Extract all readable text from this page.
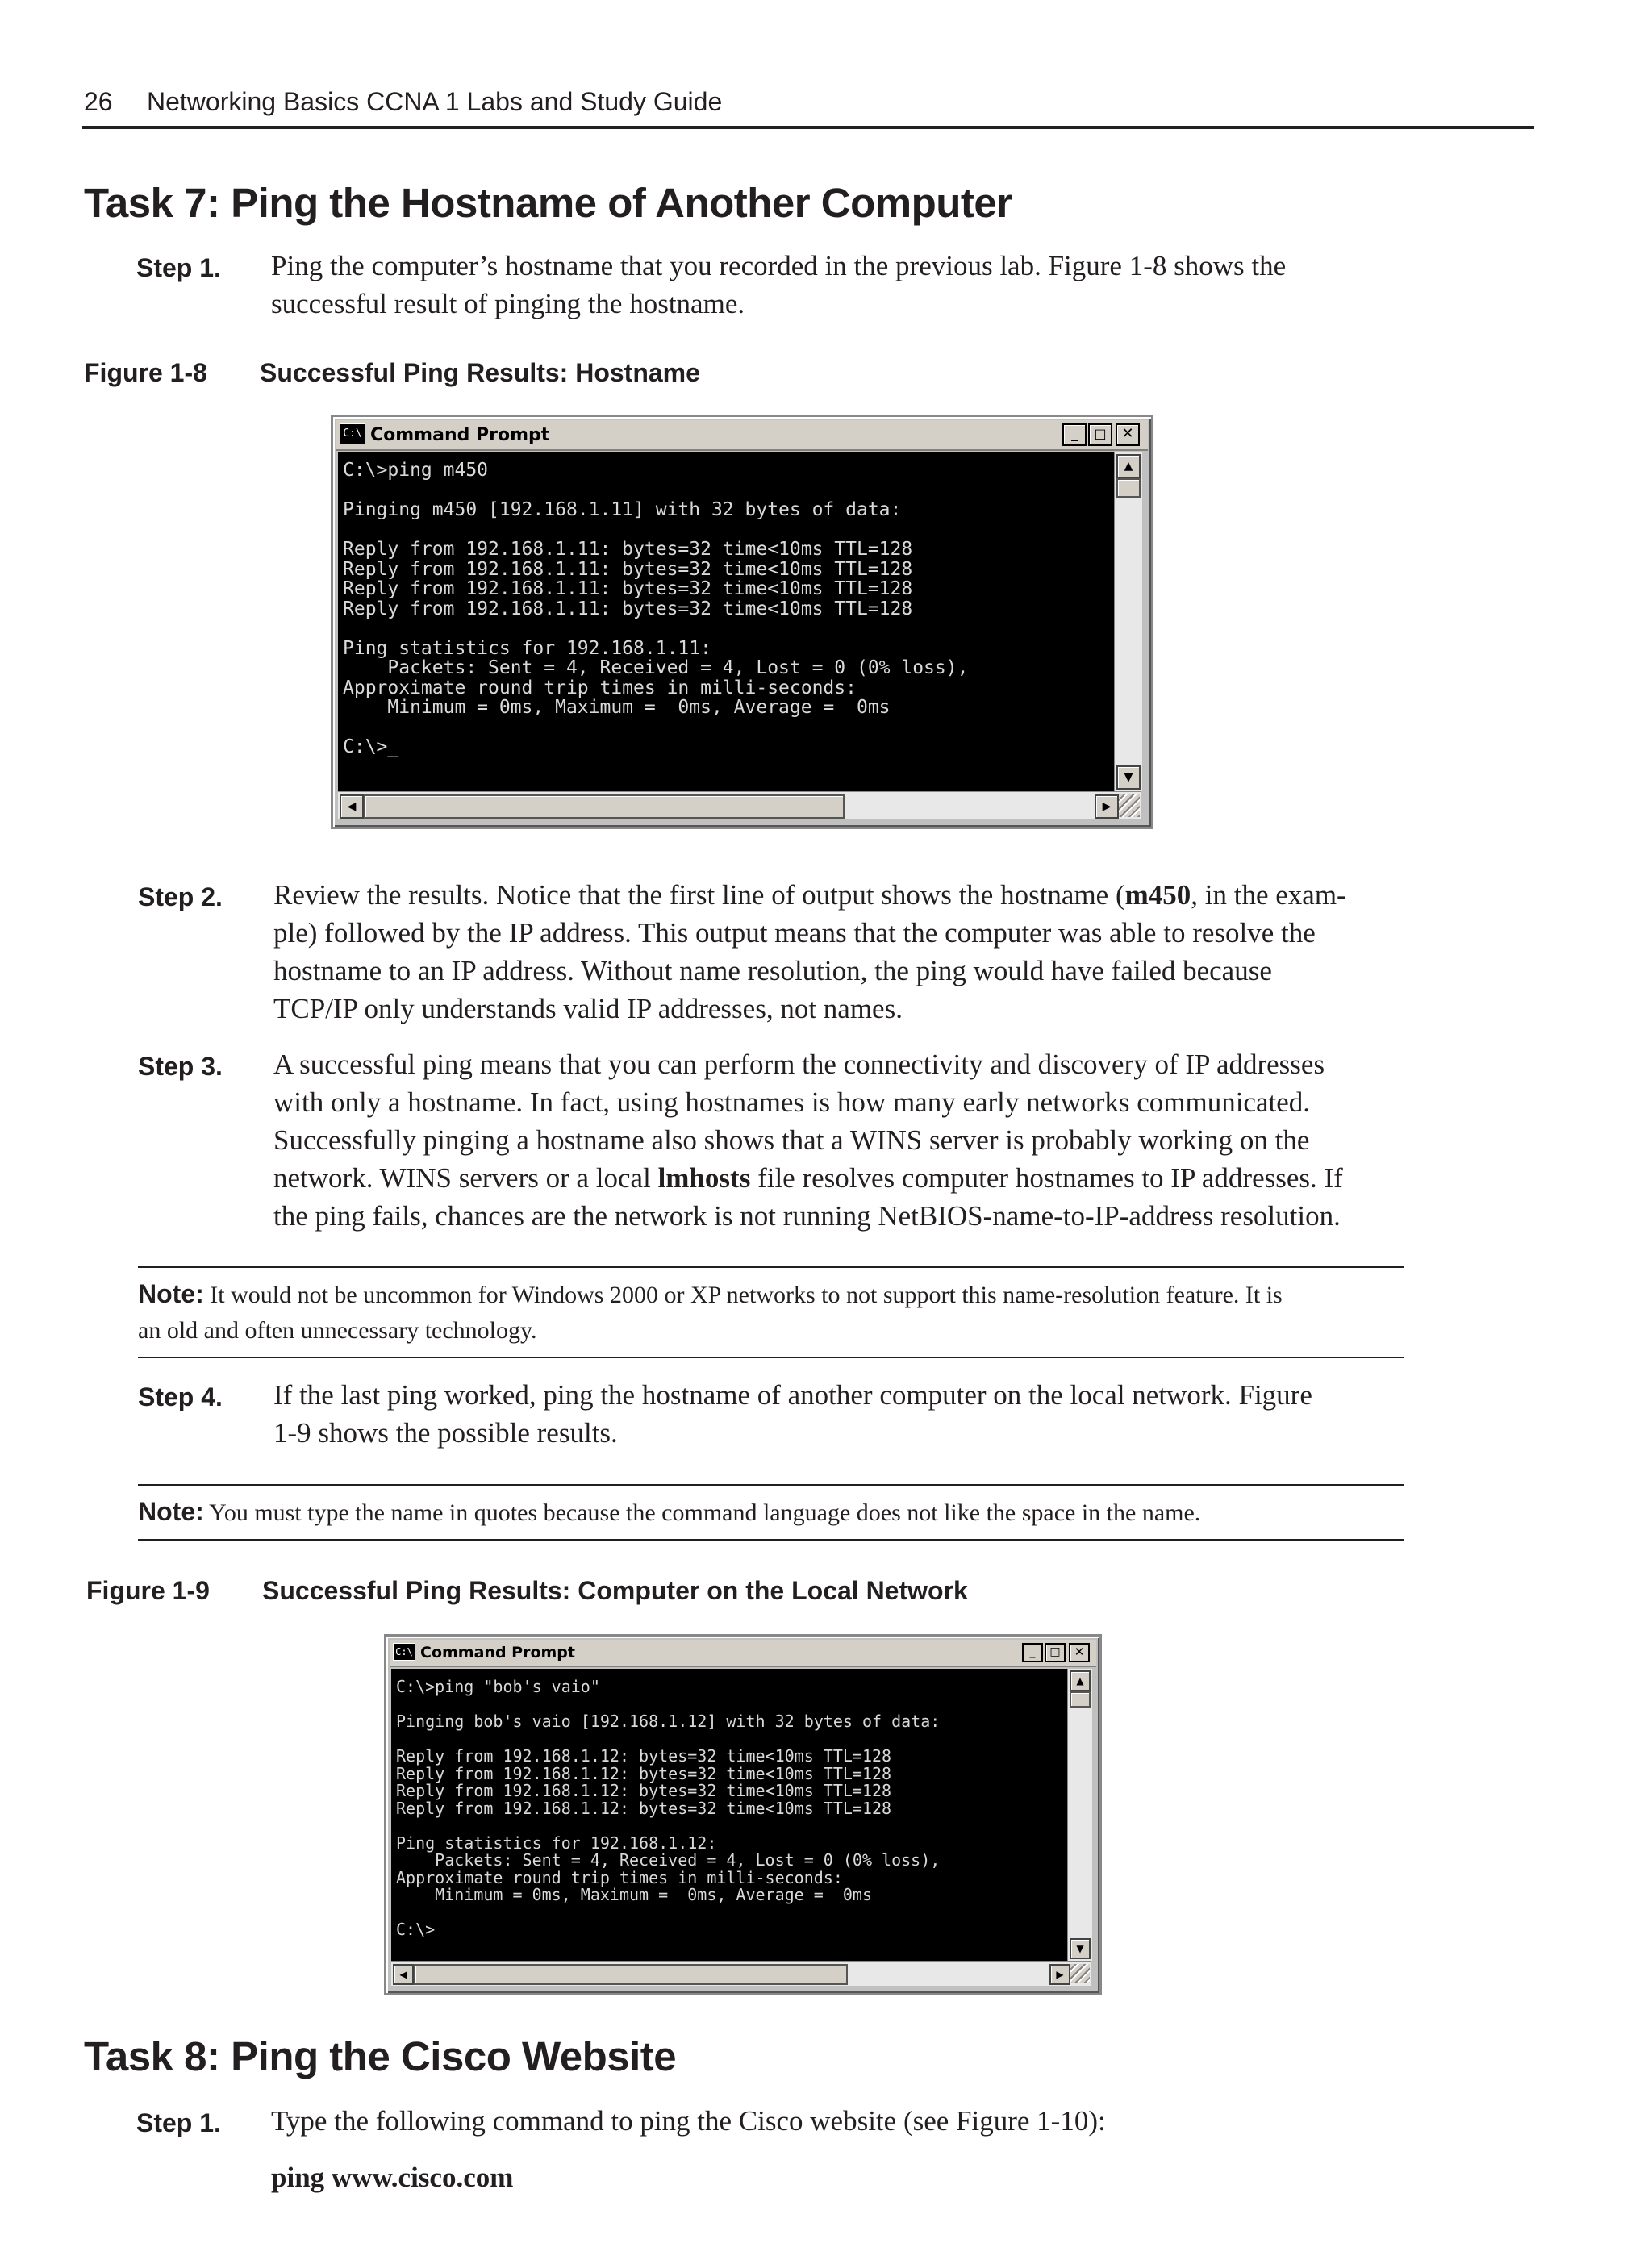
26 Networking Basics CCNA 1 Labs and Study Guide
Task 7: Ping the Hostname of Another Computer
Step 1. Ping the computer’s hostname that you recorded in the previous lab. Figure 1-8 shows the
successful result of pinging the hostname.
Figure 1-8 Successful Ping Results: Hostname
C:\ Command Prompt	_	□	✕
C:\>ping m450

Pinging m450 [192.168.1.11] with 32 bytes of data:

Reply from 192.168.1.11: bytes=32 time<10ms TTL=128
Reply from 192.168.1.11: bytes=32 time<10ms TTL=128
Reply from 192.168.1.11: bytes=32 time<10ms TTL=128
Reply from 192.168.1.11: bytes=32 time<10ms TTL=128

Ping statistics for 192.168.1.11:
Packets: Sent = 4, Received = 4, Lost = 0 (0% loss),
Approximate round trip times in milli-seconds:
Minimum = 0ms, Maximum =  0ms, Average =  0ms

C:\>_
▲
▼
◀	▶
Step 2. Review the results. Notice that the first line of output shows the hostname (m450, in the exam-
ple) followed by the IP address. This output means that the computer was able to resolve the
hostname to an IP address. Without name resolution, the ping would have failed because
TCP/IP only understands valid IP addresses, not names.
Step 3. A successful ping means that you can perform the connectivity and discovery of IP addresses
with only a hostname. In fact, using hostnames is how many early networks communicated.
Successfully pinging a hostname also shows that a WINS server is probably working on the
network. WINS servers or a local lmhosts file resolves computer hostnames to IP addresses. If
the ping fails, chances are the network is not running NetBIOS-name-to-IP-address resolution.
Note: It would not be uncommon for Windows 2000 or XP networks to not support this name-resolution feature. It is
an old and often unnecessary technology.
Step 4. If the last ping worked, ping the hostname of another computer on the local network. Figure
1-9 shows the possible results.
Note: You must type the name in quotes because the command language does not like the space in the name.
Figure 1-9 Successful Ping Results: Computer on the Local Network
C:\ Command Prompt	_	□	✕
C:\>ping "bob's vaio"

Pinging bob's vaio [192.168.1.12] with 32 bytes of data:

Reply from 192.168.1.12: bytes=32 time<10ms TTL=128
Reply from 192.168.1.12: bytes=32 time<10ms TTL=128
Reply from 192.168.1.12: bytes=32 time<10ms TTL=128
Reply from 192.168.1.12: bytes=32 time<10ms TTL=128

Ping statistics for 192.168.1.12:
Packets: Sent = 4, Received = 4, Lost = 0 (0% loss),
Approximate round trip times in milli-seconds:
Minimum = 0ms, Maximum =  0ms, Average =  0ms

C:\>
▲
▼
◀	▶
Task 8: Ping the Cisco Website
Step 1. Type the following command to ping the Cisco website (see Figure 1-10):
ping www.cisco.com
